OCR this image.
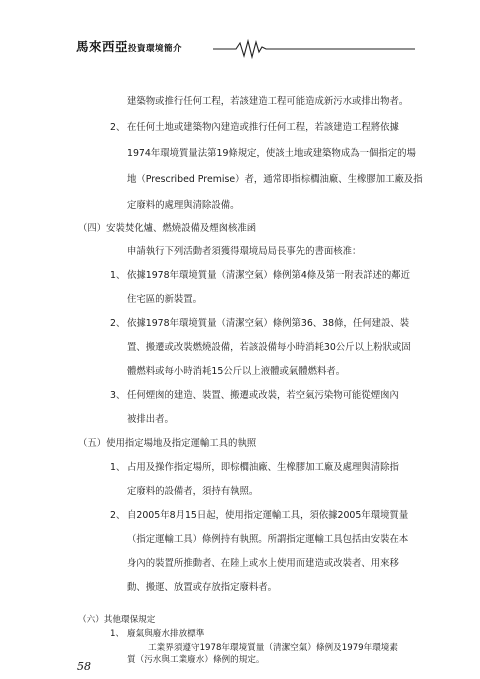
馬來西亞投資環境簡介
建築物或推行任何工程，若該建造工程可能造成新污水或排出物者。
2、 在任何土地或建築物內建造或推行任何工程，若該建造工程將依據
1974年環境質量法第19條規定，使該土地或建築物成為一個指定的場
地（Prescribed Premise）者，通常即指棕櫚油廠、生橡膠加工廠及指
定廢料的處理與清除設備。
（四）安裝焚化爐、燃燒設備及煙囪核准函
申請執行下列活動者須獲得環境局局長事先的書面核准：
1、 依據1978年環境質量（清潔空氣）條例第4條及第一附表詳述的鄰近
住宅區的新裝置。
2、 依據1978年環境質量（清潔空氣）條例第36、38條，任何建設、裝
置、搬遷或改裝燃燒設備，若該設備每小時消耗30公斤以上粉狀或固
體燃料或每小時消耗15公斤以上液體或氣體燃料者。
3、 任何煙囪的建造、裝置、搬遷或改裝，若空氣污染物可能從煙囪內
被排出者。
（五）使用指定場地及指定運輸工具的執照
1、 占用及操作指定場所，即棕櫚油廠、生橡膠加工廠及處理與清除指
定廢料的設備者，須持有執照。
2、 自2005年8月15日起，使用指定運輸工具，須依據2005年環境質量
（指定運輸工具）條例持有執照。所謂指定運輸工具包括由安裝在本
身內的裝置所推動者、在陸上或水上使用而建造或改裝者、用來移
動、搬運、放置或存放指定廢料者。
（六）其他環保規定
1、 廢氣與廢水排放標準
工業界須遵守1978年環境質量（清潔空氣）條例及1979年環境素
質（污水與工業廢水）條例的規定。
58
